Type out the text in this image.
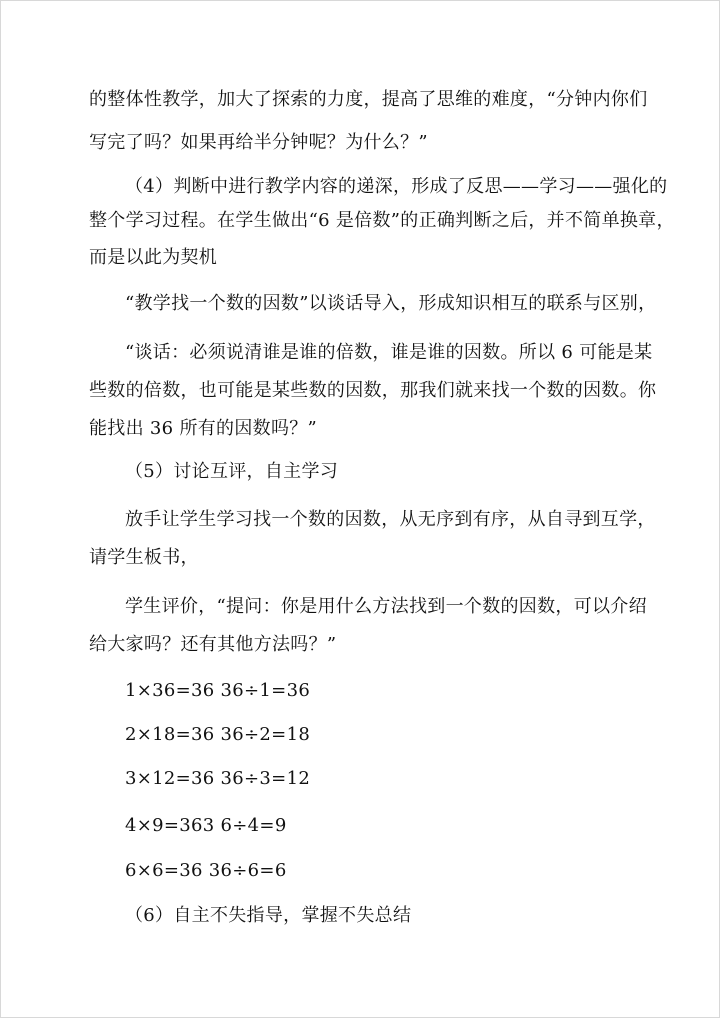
的整体性教学，加大了探索的力度，提高了思维的难度，“分钟内你们
写完了吗？如果再给半分钟呢？为什么？”
（4）判断中进行教学内容的递深，形成了反思——学习——强化的
整个学习过程。在学生做出“6 是倍数”的正确判断之后，并不简单换章，
而是以此为契机
“教学找一个数的因数”以谈话导入，形成知识相互的联系与区别，
“谈话：必须说清谁是谁的倍数，谁是谁的因数。所以 6 可能是某
些数的倍数，也可能是某些数的因数，那我们就来找一个数的因数。你
能找出 36 所有的因数吗？”
（5）讨论互评，自主学习
放手让学生学习找一个数的因数，从无序到有序，从自寻到互学，
请学生板书，
学生评价，“提问：你是用什么方法找到一个数的因数，可以介绍
给大家吗？还有其他方法吗？”
1×36=36 36÷1=36
2×18=36 36÷2=18
3×12=36 36÷3=12
4×9=363 6÷4=9
6×6=36 36÷6=6
（6）自主不失指导，掌握不失总结
